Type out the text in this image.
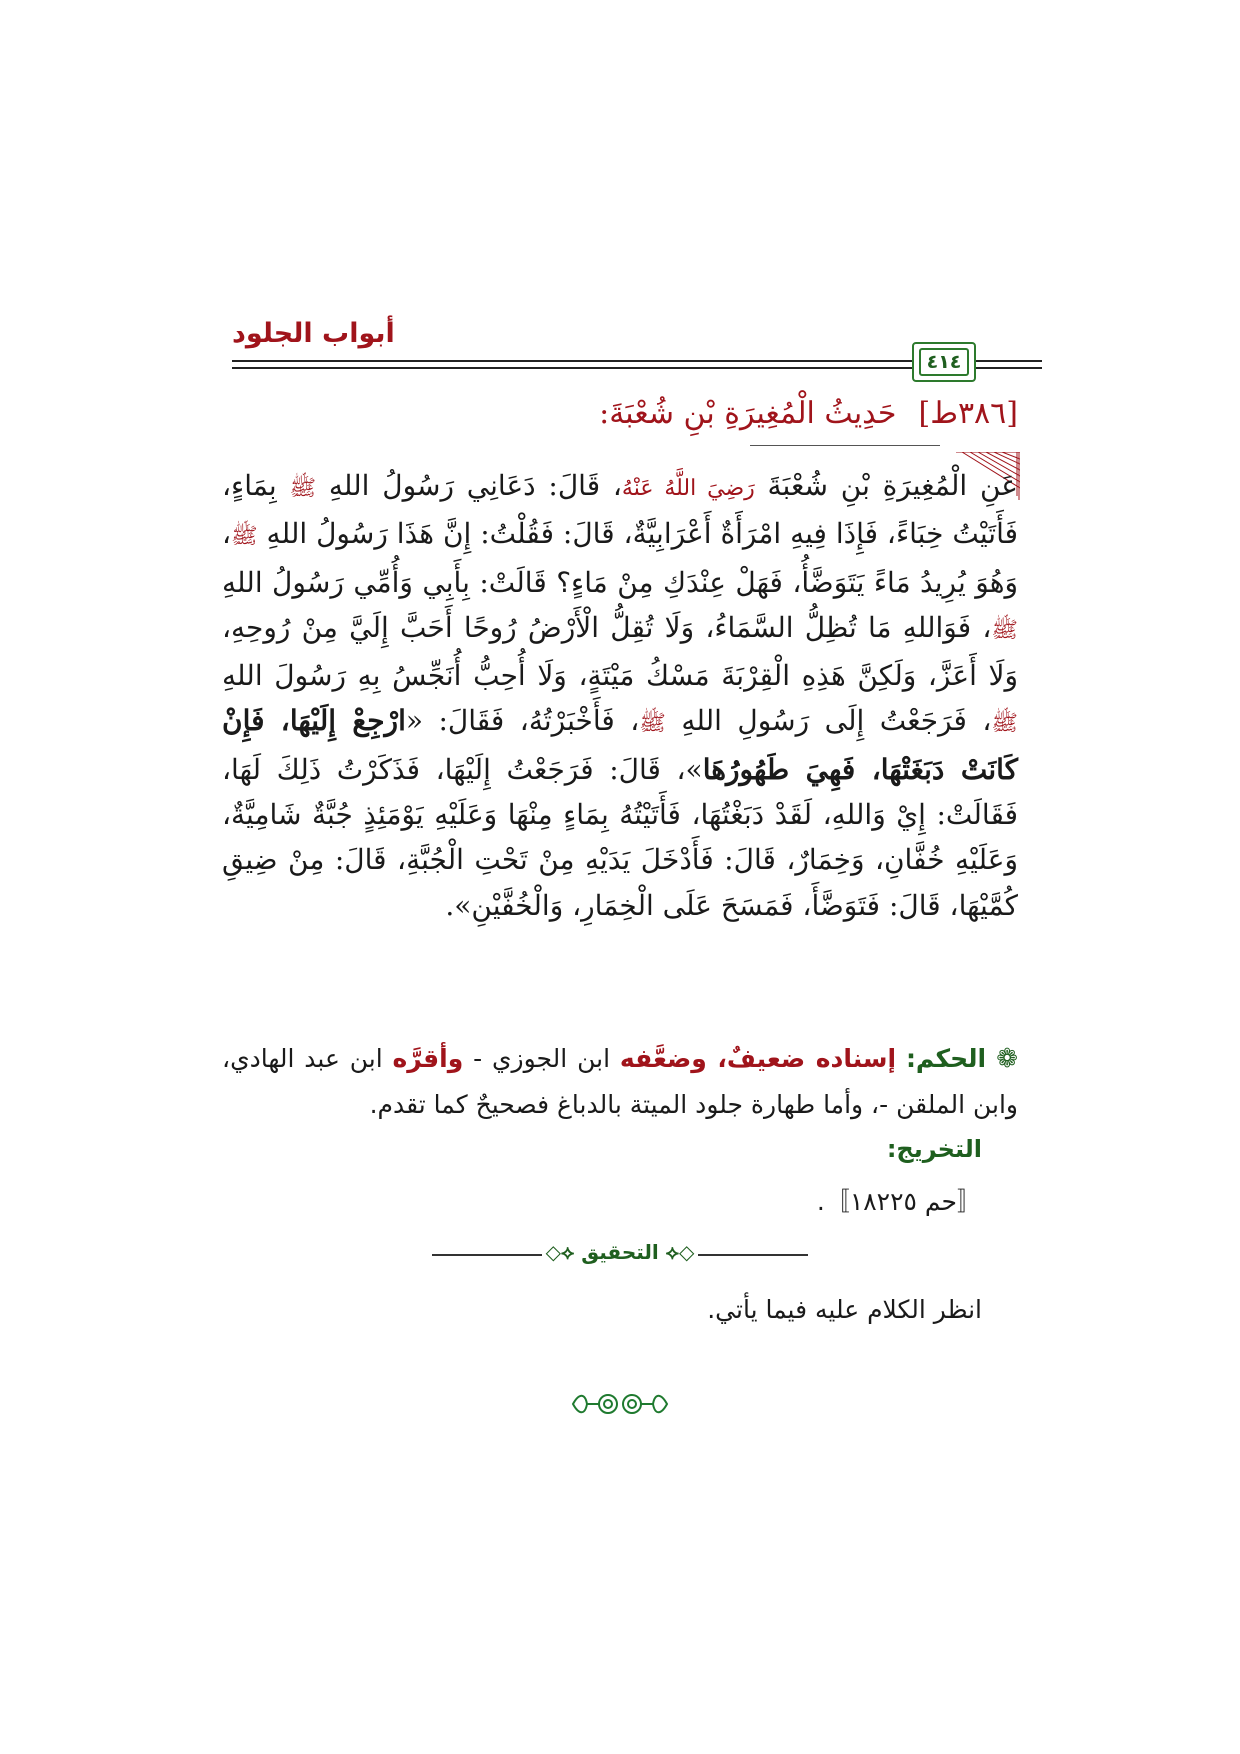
أبواب الجلود
٤١٤
[٣٨٦ط]حَدِيثُ الْمُغِيرَةِ بْنِ شُعْبَةَ:
عَنِ الْمُغِيرَةِ بْنِ شُعْبَةَ رَضِيَ اللَّهُ عَنْهُ، قَالَ: دَعَانِي رَسُولُ اللهِ ﷺ بِمَاءٍ، فَأَتَيْتُ خِبَاءً، فَإِذَا فِيهِ امْرَأَةٌ أَعْرَابِيَّةٌ، قَالَ: فَقُلْتُ: إِنَّ هَذَا رَسُولُ اللهِ ﷺ، وَهُوَ يُرِيدُ مَاءً يَتَوَضَّأُ، فَهَلْ عِنْدَكِ مِنْ مَاءٍ؟ قَالَتْ: بِأَبِي وَأُمِّي رَسُولُ اللهِ ﷺ، فَوَاللهِ مَا تُظِلُّ السَّمَاءُ، وَلَا تُقِلُّ الْأَرْضُ رُوحًا أَحَبَّ إِلَيَّ مِنْ رُوحِهِ، وَلَا أَعَزَّ، وَلَكِنَّ هَذِهِ الْقِرْبَةَ مَسْكُ مَيْتَةٍ، وَلَا أُحِبُّ أُنَجِّسُ بِهِ رَسُولَ اللهِ ﷺ، فَرَجَعْتُ إِلَى رَسُولِ اللهِ ﷺ، فَأَخْبَرْتُهُ، فَقَالَ: «ارْجِعْ إِلَيْهَا، فَإِنْ كَانَتْ دَبَغَتْهَا، فَهِيَ طَهُورُهَا»، قَالَ: فَرَجَعْتُ إِلَيْهَا، فَذَكَرْتُ ذَلِكَ لَهَا، فَقَالَتْ: إِيْ وَاللهِ، لَقَدْ دَبَغْتُهَا، فَأَتَيْتُهُ بِمَاءٍ مِنْهَا وَعَلَيْهِ يَوْمَئِذٍ جُبَّةٌ شَامِيَّةٌ، وَعَلَيْهِ خُفَّانِ، وَخِمَارٌ، قَالَ: فَأَدْخَلَ يَدَيْهِ مِنْ تَحْتِ الْجُبَّةِ، قَالَ: مِنْ ضِيقِ كُمَّيْهَا، قَالَ: فَتَوَضَّأَ، فَمَسَحَ عَلَى الْخِمَارِ، وَالْخُفَّيْنِ».
❁ الحكم: إسناده ضعيفٌ، وضعَّفه ابن الجوزي - وأقرَّه ابن عبد الهادي، وابن الملقن -، وأما طهارة جلود الميتة بالدباغ فصحيحٌ كما تقدم.
التخريج:
〚حم ١٨٢٢٥〛.
◇⟡ التحقيق ⟡◇
انظر الكلام عليه فيما يأتي.
